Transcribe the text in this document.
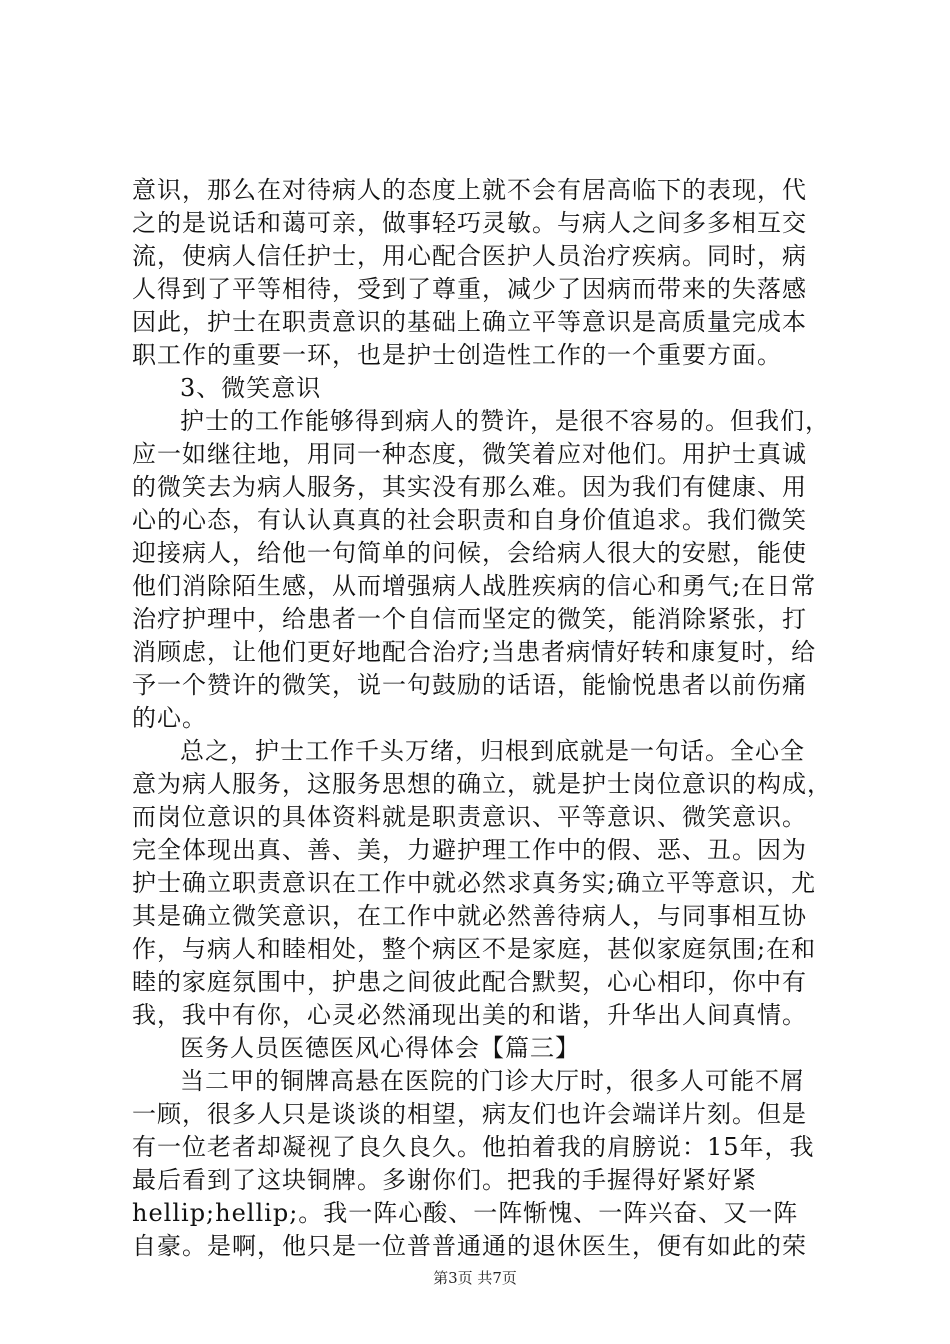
意识，那么在对待病人的态度上就不会有居高临下的表现，代
之的是说话和蔼可亲，做事轻巧灵敏。与病人之间多多相互交
流，使病人信任护士，用心配合医护人员治疗疾病。同时，病
人得到了平等相待，受到了尊重，减少了因病而带来的失落感
因此，护士在职责意识的基础上确立平等意识是高质量完成本
职工作的重要一环，也是护士创造性工作的一个重要方面。
3、微笑意识
护士的工作能够得到病人的赞许，是很不容易的。但我们，
应一如继往地，用同一种态度，微笑着应对他们。用护士真诚
的微笑去为病人服务，其实没有那么难。因为我们有健康、用
心的心态，有认认真真的社会职责和自身价值追求。我们微笑
迎接病人，给他一句简单的问候，会给病人很大的安慰，能使
他们消除陌生感，从而增强病人战胜疾病的信心和勇气;在日常
治疗护理中，给患者一个自信而坚定的微笑，能消除紧张，打
消顾虑，让他们更好地配合治疗;当患者病情好转和康复时，给
予一个赞许的微笑，说一句鼓励的话语，能愉悦患者以前伤痛
的心。
总之，护士工作千头万绪，归根到底就是一句话。全心全
意为病人服务，这服务思想的确立，就是护士岗位意识的构成，
而岗位意识的具体资料就是职责意识、平等意识、微笑意识。
完全体现出真、善、美，力避护理工作中的假、恶、丑。因为
护士确立职责意识在工作中就必然求真务实;确立平等意识，尤
其是确立微笑意识，在工作中就必然善待病人，与同事相互协
作，与病人和睦相处，整个病区不是家庭，甚似家庭氛围;在和
睦的家庭氛围中，护患之间彼此配合默契，心心相印，你中有
我，我中有你，心灵必然涌现出美的和谐，升华出人间真情。
医务人员医德医风心得体会【篇三】
当二甲的铜牌高悬在医院的门诊大厅时，很多人可能不屑
一顾，很多人只是谈谈的相望，病友们也许会端详片刻。但是
有一位老者却凝视了良久良久。他拍着我的肩膀说：15年，我
最后看到了这块铜牌。多谢你们。把我的手握得好紧好紧
hellip;hellip;。我一阵心酸、一阵惭愧、一阵兴奋、又一阵
自豪。是啊，他只是一位普普通通的退休医生，便有如此的荣
第3页 共7页
